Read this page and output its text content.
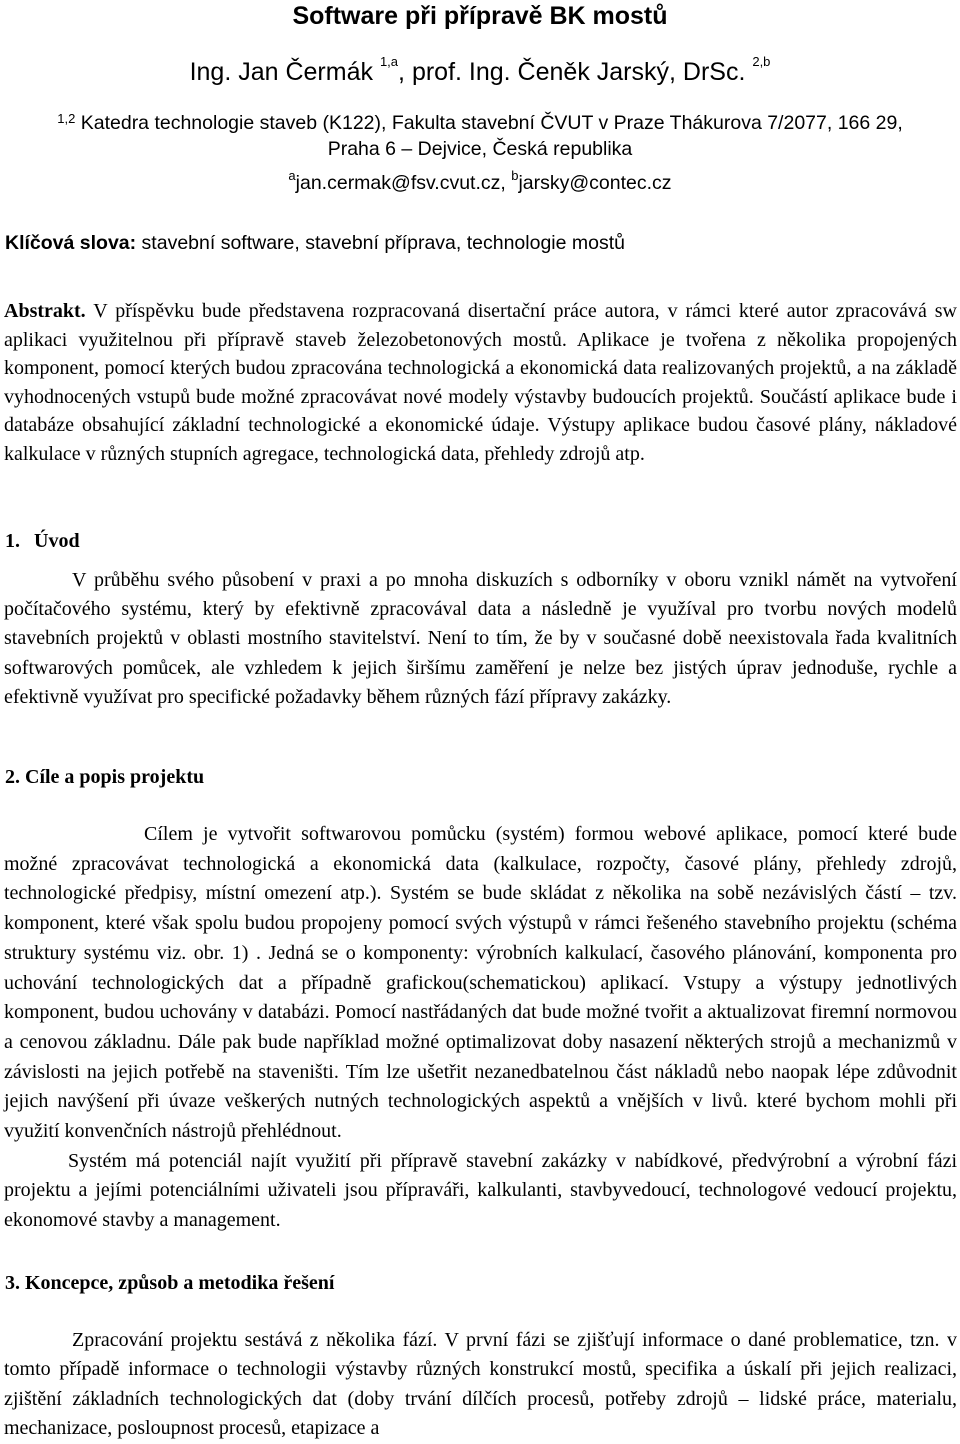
Software při přípravě BK mostů
Ing. Jan Čermák $^{1,a}$, prof. Ing. Čeněk Jarský, DrSc. $^{2,b}$
$^{1,2}$ Katedra technologie staveb (K122), Fakulta stavební ČVUT v Praze Thákurova 7/2077, 166 29,
Praha 6 – Dejvice, Česká republika
$^a$jan.cermak@fsv.cvut.cz, $^b$jarsky@contec.cz
Klíčová slova: stavební software, stavební příprava, technologie mostů

Abstrakt. V příspěvku bude představena rozpracovaná disertační práce autora, v rámci které autor zpracovává sw aplikaci využitelnou při přípravě staveb železobetonových mostů. Aplikace je tvořena z několika propojených komponent, pomocí kterých budou zpracována technologická a ekonomická data realizovaných projektů, a na základě vyhodnocených vstupů bude možné zpracovávat nové modely výstavby budoucích projektů. Součástí aplikace bude i databáze obsahující základní technologické a ekonomické údaje. Výstupy aplikace budou časové plány, nákladové kalkulace v různých stupních agregace, technologická data, přehledy zdrojů atp.

1. Úvod

V průběhu svého působení v praxi a po mnoha diskuzích s odborníky v oboru vznikl námět na vytvoření počítačového systému, který by efektivně zpracovával data a následně je využíval pro tvorbu nových modelů stavebních projektů v oblasti mostního stavitelství. Není to tím, že by v současné době neexistovala řada kvalitních softwarových pomůcek, ale vzhledem k jejich širšímu zaměření je nelze bez jistých úprav jednoduše, rychle a efektivně využívat pro specifické požadavky během různých fází přípravy zakázky.

2. Cíle a popis projektu

Cílem je vytvořit softwarovou pomůcku (systém) formou webové aplikace, pomocí které bude možné zpracovávat technologická a ekonomická data (kalkulace, rozpočty, časové plány, přehledy zdrojů, technologické předpisy, místní omezení atp.). Systém se bude skládat z několika na sobě nezávislých částí – tzv. komponent, které však spolu budou propojeny pomocí svých výstupů v rámci řešeného stavebního projektu (schéma struktury systému viz. obr. 1) . Jedná se o komponenty: výrobních kalkulací, časového plánování, komponenta pro uchování technologických dat a případně grafickou(schematickou) aplikací. Vstupy a výstupy jednotlivých komponent, budou uchovány v databázi. Pomocí nastřádaných dat bude možné tvořit a aktualizovat firemní normovou a cenovou základnu. Dále pak bude například možné optimalizovat doby nasazení některých strojů a mechanizmů v závislosti na jejich potřebě na staveništi. Tím lze ušetřit nezanedbatelnou část nákladů nebo naopak lépe zdůvodnit jejich navýšení při úvaze veškerých nutných technologických aspektů a vnějších v livů. které bychom mohli při využití konvenčních nástrojů přehlédnout.

Systém má potenciál najít využití při přípravě stavební zakázky v nabídkové, předvýrobní a výrobní fázi projektu a jejími potenciálními uživateli jsou přípraváři, kalkulanti, stavbyvedoucí, technologové vedoucí projektu, ekonomové stavby a management.

3. Koncepce, způsob a metodika řešení

Zpracování projektu sestává z několika fází. V první fázi se zjišťují informace o dané problematice, tzn. v tomto případě informace o technologii výstavby různých konstrukcí mostů, specifika a úskalí při jejich realizaci, zjištění základních technologických dat (doby trvání dílčích procesů, potřeby zdrojů – lidské práce, materialu, mechanizace, posloupnost procesů, etapizace a
